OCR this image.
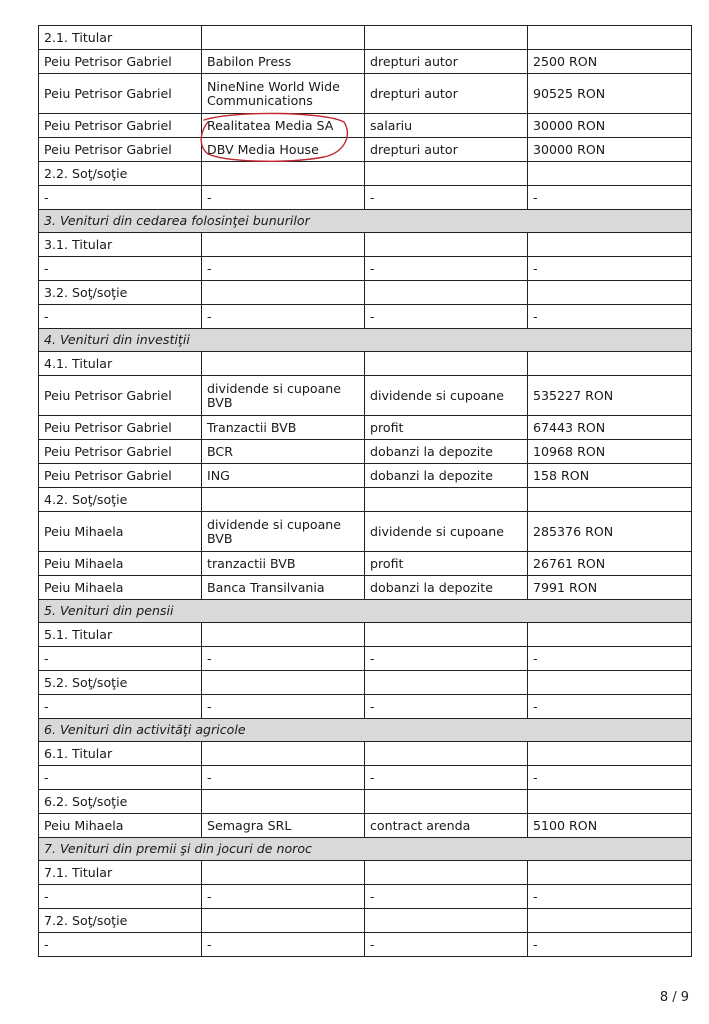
2.1. Titular			
Peiu Petrisor Gabriel	Babilon Press	drepturi autor	2500 RON
Peiu Petrisor Gabriel	NineNine World Wide Communications	drepturi autor	90525 RON
Peiu Petrisor Gabriel	Realitatea Media SA	salariu	30000 RON
Peiu Petrisor Gabriel	DBV Media House	drepturi autor	30000 RON
2.2. Soţ/soţie			
-	-	-	-
3. Venituri din cedarea folosinţei bunurilor			
3.1. Titular			
-	-	-	-
3.2. Soţ/soţie			
-	-	-	-
4. Venituri din investiţii			
4.1. Titular			
Peiu Petrisor Gabriel	dividende si cupoane BVB	dividende si cupoane	535227 RON
Peiu Petrisor Gabriel	Tranzactii BVB	profit	67443 RON
Peiu Petrisor Gabriel	BCR	dobanzi la depozite	10968 RON
Peiu Petrisor Gabriel	ING	dobanzi la depozite	158 RON
4.2. Soţ/soţie			
Peiu Mihaela	dividende si cupoane BVB	dividende si cupoane	285376 RON
Peiu Mihaela	tranzactii BVB	profit	26761 RON
Peiu Mihaela	Banca Transilvania	dobanzi la depozite	7991 RON
5. Venituri din pensii			
5.1. Titular			
-	-	-	-
5.2. Soţ/soţie			
-	-	-	-
6. Venituri din activităţi agricole			
6.1. Titular			
-	-	-	-
6.2. Soţ/soţie			
Peiu Mihaela	Semagra SRL	contract arenda	5100 RON
7. Venituri din premii şi din jocuri de noroc			
7.1. Titular			
-	-	-	-
7.2. Soţ/soţie			
-	-	-	-
8 / 9
